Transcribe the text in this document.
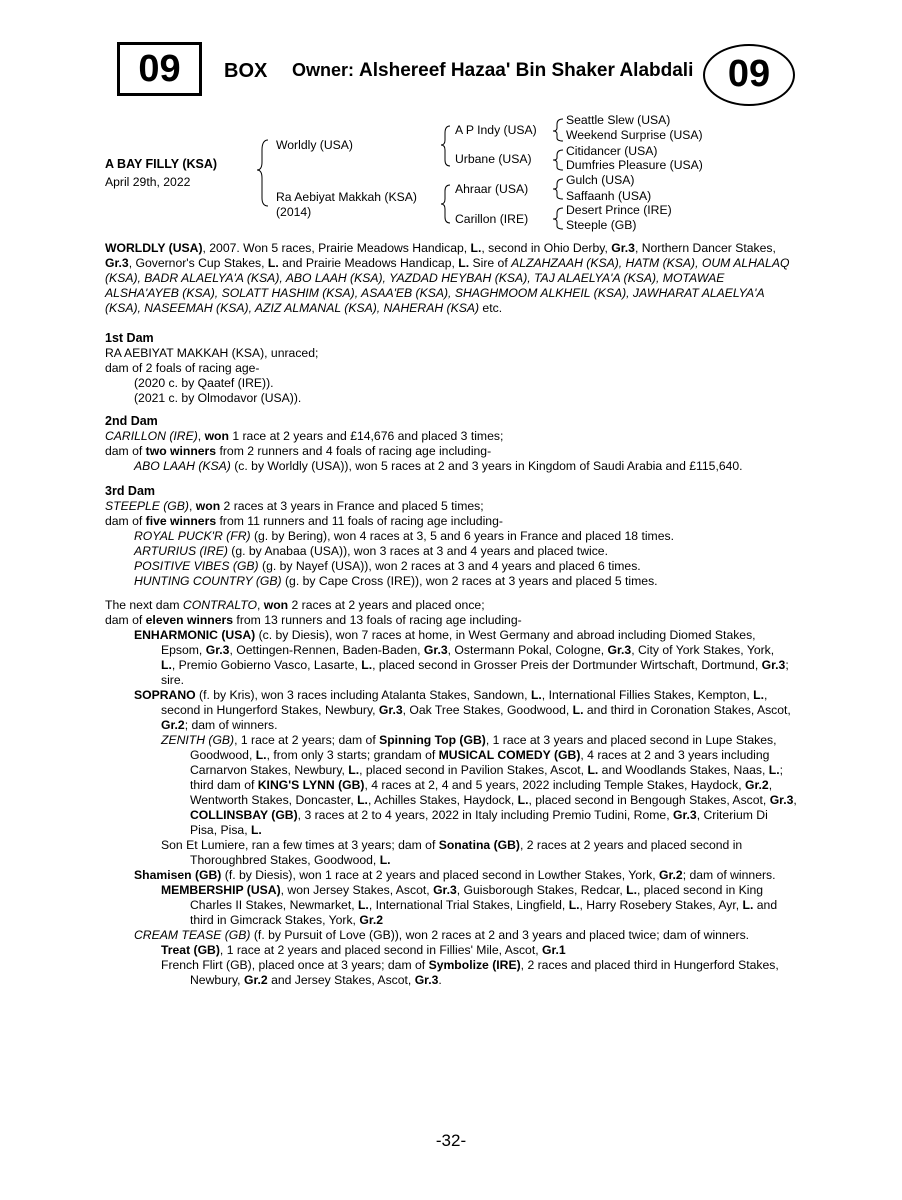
09	BOX Owner: Alshereef Hazaa' Bin Shaker Alabdali 09
A BAY FILLY (KSA)
April 29th, 2022
Worldly (USA)
Ra Aebiyat Makkah (KSA)
(2014)
A P Indy (USA)
Urbane (USA)
Ahraar (USA)
Carillon (IRE)
Seattle Slew (USA)
Weekend Surprise (USA)
Citidancer (USA)
Dumfries Pleasure (USA)
Gulch (USA)
Saffaanh (USA)
Desert Prince (IRE)
Steeple (GB)
WORLDLY (USA), 2007. Won 5 races, Prairie Meadows Handicap, L., second in Ohio Derby, Gr.3, Northern Dancer Stakes,
Gr.3, Governor's Cup Stakes, L. and Prairie Meadows Handicap, L. Sire of ALZAHZAAH (KSA), HATM (KSA), OUM ALHALAQ
(KSA), BADR ALAELYA'A (KSA), ABO LAAH (KSA), YAZDAD HEYBAH (KSA), TAJ ALAELYA'A (KSA), MOTAWAE
ALSHA'AYEB (KSA), SOLATT HASHIM (KSA), ASAA'EB (KSA), SHAGHMOOM ALKHEIL (KSA), JAWHARAT ALAELYA'A
(KSA), NASEEMAH (KSA), AZIZ ALMANAL (KSA), NAHERAH (KSA) etc.
1st Dam
RA AEBIYAT MAKKAH (KSA), unraced;
dam of 2 foals of racing age-
(2020 c. by Qaatef (IRE)).
(2021 c. by Olmodavor (USA)).
2nd Dam
CARILLON (IRE), won 1 race at 2 years and £14,676 and placed 3 times;
dam of two winners from 2 runners and 4 foals of racing age including-
ABO LAAH (KSA) (c. by Worldly (USA)), won 5 races at 2 and 3 years in Kingdom of Saudi Arabia and £115,640.
3rd Dam
STEEPLE (GB), won 2 races at 3 years in France and placed 5 times;
dam of five winners from 11 runners and 11 foals of racing age including-
ROYAL PUCK'R (FR) (g. by Bering), won 4 races at 3, 5 and 6 years in France and placed 18 times.
ARTURIUS (IRE) (g. by Anabaa (USA)), won 3 races at 3 and 4 years and placed twice.
POSITIVE VIBES (GB) (g. by Nayef (USA)), won 2 races at 3 and 4 years and placed 6 times.
HUNTING COUNTRY (GB) (g. by Cape Cross (IRE)), won 2 races at 3 years and placed 5 times.
The next dam CONTRALTO, won 2 races at 2 years and placed once;
dam of eleven winners from 13 runners and 13 foals of racing age including-
ENHARMONIC (USA) (c. by Diesis), won 7 races at home, in West Germany and abroad including Diomed Stakes,
Epsom, Gr.3, Oettingen-Rennen, Baden-Baden, Gr.3, Ostermann Pokal, Cologne, Gr.3, City of York Stakes, York,
L., Premio Gobierno Vasco, Lasarte, L., placed second in Grosser Preis der Dortmunder Wirtschaft, Dortmund, Gr.3;
sire.
SOPRANO (f. by Kris), won 3 races including Atalanta Stakes, Sandown, L., International Fillies Stakes, Kempton, L.,
second in Hungerford Stakes, Newbury, Gr.3, Oak Tree Stakes, Goodwood, L. and third in Coronation Stakes, Ascot,
Gr.2; dam of winners.
ZENITH (GB), 1 race at 2 years; dam of Spinning Top (GB), 1 race at 3 years and placed second in Lupe Stakes,
Goodwood, L., from only 3 starts; grandam of MUSICAL COMEDY (GB), 4 races at 2 and 3 years including
Carnarvon Stakes, Newbury, L., placed second in Pavilion Stakes, Ascot, L. and Woodlands Stakes, Naas, L.;
third dam of KING'S LYNN (GB), 4 races at 2, 4 and 5 years, 2022 including Temple Stakes, Haydock, Gr.2,
Wentworth Stakes, Doncaster, L., Achilles Stakes, Haydock, L., placed second in Bengough Stakes, Ascot, Gr.3,
COLLINSBAY (GB), 3 races at 2 to 4 years, 2022 in Italy including Premio Tudini, Rome, Gr.3, Criterium Di
Pisa, Pisa, L.
Son Et Lumiere, ran a few times at 3 years; dam of Sonatina (GB), 2 races at 2 years and placed second in
Thoroughbred Stakes, Goodwood, L.
Shamisen (GB) (f. by Diesis), won 1 race at 2 years and placed second in Lowther Stakes, York, Gr.2; dam of winners.
MEMBERSHIP (USA), won Jersey Stakes, Ascot, Gr.3, Guisborough Stakes, Redcar, L., placed second in King
Charles II Stakes, Newmarket, L., International Trial Stakes, Lingfield, L., Harry Rosebery Stakes, Ayr, L. and
third in Gimcrack Stakes, York, Gr.2
CREAM TEASE (GB) (f. by Pursuit of Love (GB)), won 2 races at 2 and 3 years and placed twice; dam of winners.
Treat (GB), 1 race at 2 years and placed second in Fillies' Mile, Ascot, Gr.1
French Flirt (GB), placed once at 3 years; dam of Symbolize (IRE), 2 races and placed third in Hungerford Stakes,
Newbury, Gr.2 and Jersey Stakes, Ascot, Gr.3.
-32-
